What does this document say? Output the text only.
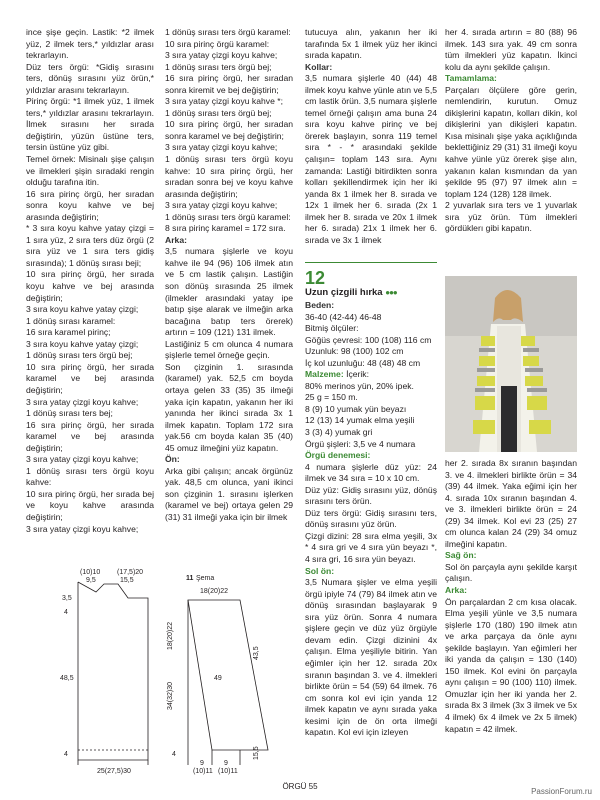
ince şişe geçin. Lastik: *2 ilmek yüz, 2 ilmek ters,* yıldızlar arası tekrarlayın.

Düz ters örgü: *Gidiş sırasını ters, dönüş sırasını yüz örün,* yıldızlar arasını tekrarlayın.

Pirinç örgü: *1 ilmek yüz, 1 ilmek ters,* yıldızlar arasını tekrarlayın. İlmek sırasını her sırada değiştirin, yüzün üstüne ters, tersin üstüne yüz gibi.

Temel örnek: Misinalı şişe çalışın ve ilmekleri şişin sıradaki rengin olduğu tarafına itin.

16 sıra pirinç örgü, her sıradan sonra koyu kahve ve bej arasında değiştirin;

* 3 sıra koyu kahve yatay çizgi = 1 sıra yüz, 2 sıra ters düz örgü (2 sıra yüz ve 1 sıra ters gidiş sırasında); 1 dönüş sırası beji;

10 sıra pirinç örgü, her sırada koyu kahve ve bej arasında değiştirin;

3 sıra koyu kahve yatay çizgi;

1 dönüş sırası karamel:

16 sıra karamel pirinç;

3 sıra koyu kahve yatay çizgi;

1 dönüş sırası ters örgü bej;

10 sıra pirinç örgü, her sırada karamel ve bej arasında değiştirin;

3 sıra yatay çizgi koyu kahve;

1 dönüş sırası ters bej;

16 sıra pirinç örgü, her sırada karamel ve bej arasında değiştirin;

3 sıra yatay çizgi koyu kahve;

1 dönüş sırası ters örgü koyu kahve:

10 sıra pirinç örgü, her sırada bej ve koyu kahve arasında değiştirin;

3 sıra yatay çizgi koyu kahve;

1 dönüş sırası ters örgü karamel:

10 sıra pirinç örgü karamel:

3 sıra yatay çizgi koyu kahve;

1 dönüş sırası ters örgü bej;

16 sıra pirinç örgü, her sıradan sonra kiremit ve bej değiştirin;

3 sıra yatay çizgi koyu kahve *;

1 dönüş sırası ters örgü bej;

10 sıra pirinç örgü, her sıradan sonra karamel ve bej değiştirin;

3 sıra yatay çizgi koyu kahve;

1 dönüş sırası ters örgü koyu kahve: 10 sıra pirinç örgü, her sıradan sonra bej ve koyu kahve arasında değiştirin;

3 sıra yatay çizgi koyu kahve;

1 dönüş sırası ters örgü karamel:

8 sıra pirinç karamel = 172 sıra.

Arka:

3,5 numara şişlerle ve koyu kahve ile 94 (96) 106 ilmek atın ve 5 cm lastik çalışın. Lastiğin son dönüş sırasında 25 ilmek (ilmekler arasındaki yatay ipe batıp şişe alarak ve ilmeğin arka bacağına batıp ters örerek) artırın = 109 (121) 131 ilmek.

Lastiğiniz 5 cm olunca 4 numara şişlerle temel örneğe geçin.

Son çizginin 1. sırasında (karamel) yak. 52,5 cm boyda ortaya gelen 33 (35) 35 ilmeği yaka için kapatın, yakanın her iki yanında her ikinci sırada 3x 1 ilmek kapatın. Toplam 172 sıra yak.56 cm boyda kalan 35 (40) 45 omuz ilmeğini yüz kapatın.

Ön:

Arka gibi çalışın; ancak örgünüz yak. 48,5 cm olunca, yani ikinci son çizginin 1. sırasını işlerken (karamel ve bej) ortaya gelen 29 (31) 31 ilmeği yaka için bir ilmek

tutucuya alın, yakanın her iki tarafında 5x 1 ilmek yüz her ikinci sırada kapatın.

Kollar:

3,5 numara şişlerle 40 (44) 48 ilmek koyu kahve yünle atın ve 5,5 cm lastik örün. 3,5 numara şişlerle temel örneği çalışın ama buna 24 sıra koyu kahve pirinç ve bej örerek başlayın, sonra 119 temel sıra * - * arasındaki şekilde çalışın= toplam 143 sıra. Aynı zamanda: Lastiği bitirdikten sonra kolları şekillendirmek için her iki yanda 8x 1 ilmek her 8. sırada ve 12x 1 ilmek her 6. sırada (2x 1 ilmek her 8. sırada ve 20x 1 ilmek her 6. sırada) 21x 1 ilmek her 6. sırada ve 3x 1 ilmek

12
Uzun çizgili hırka ●●●

Beden:

36-40 (42-44) 46-48

Bitmiş ölçüler:

Göğüs çevresi: 100 (108) 116 cm

Uzunluk: 98 (100) 102 cm

İç kol uzunluğu: 48 (48) 48 cm

Malzeme: İçerik:

80% merinos yün, 20% ipek.

25 g = 150 m.

8 (9) 10 yumak yün beyazı

12 (13) 14 yumak elma yeşili

3 (3) 4) yumak gri

Örgü şişleri: 3,5 ve 4 numara

Örgü denemesi:

4 numara şişlerle düz yüz: 24 ilmek ve 34 sıra = 10 x 10 cm.

Düz yüz: Gidiş sırasını yüz, dönüş sırasını ters örün.

Düz ters örgü: Gidiş sırasını ters, dönüş sırasını yüz örün.

Çizgi dizini: 28 sıra elma yeşili, 3x * 4 sıra gri ve 4 sıra yün beyazı *, 4 sıra gri, 16 sıra yün beyazı.

Sol ön:

3,5 Numara şişler ve elma yeşili örgü ipiyle 74 (79) 84 ilmek atın ve dönüş sırasından başlayarak 9 sıra yüz örün. Sonra 4 numara şişlere geçin ve düz yüz örgüyle devam edin. Çizgi dizinini 4x çalışın. Elma yeşiliyle bitirin. Yan eğimler için her 12. sırada 20x sıranın başından 3. ve 4. ilmekleri birlikte örün = 54 (59) 64 ilmek. 76 cm sonra kol evi için yanda 12 ilmek kapatın ve aynı sırada yaka kesimi için de ön orta ilmeği kapatın. Kol evi için izleyen

her 4. sırada artırın = 80 (88) 96 ilmek. 143 sıra yak. 49 cm sonra tüm ilmekleri yüz kapatın. İkinci kolu da aynı şekilde çalışın.

Tamamlama:

Parçaları ölçülere göre gerin, nemlendirin, kurutun. Omuz dikişlerini kapatın, kolları dikin, kol dikişlerini yan dikişleri kapatın. Kısa misinalı şişe yaka açıklığında beklettiğiniz 29 (31) 31 ilmeği koyu kahve yünle yüz örerek şişe alın, yakanın kalan kısmından da yan şekilde 95 (97) 97 ilmek alın = toplam 124 (128) 128 ilmek.

2 yuvarlak sıra ters ve 1 yuvarlak sıra yüz örün. Tüm ilmekleri gördüklerı gibi kapatın.

her 2. sırada 8x sıranın başından 3. ve 4. ilmekleri birlikte örün = 34 (39) 44 ilmek. Yaka eğimi için her 4. sırada 10x sıranın başından 4. ve 3. ilmekleri birlikte örün = 24 (29) 34 ilmek. Kol evi 23 (25) 27 cm olunca kalan 24 (29) 34 omuz ilmeğini kapatın.

Sağ ön:

Sol ön parçayla aynı şekilde karşıt çalışın.

Arka:

Ön parçalardan 2 cm kısa olacak. Elma yeşili yünle ve 3,5 numara şişlerle 170 (180) 190 ilmek atın ve arka parçaya da önle aynı şekilde başlayın. Yan eğimleri her iki yanda da çalışın = 130 (140) 150 ilmek. Kol evini ön parçayla aynı çalışın = 90 (100) 110) ilmek. Omuzlar için her iki yanda her 2. sırada 8x 3 ilmek (3x 3 ilmek ve 5x 4 ilmek) 6x 4 ilmek ve 2x 5 ilmek) kapatın = 42 ilmek.

(10)10 (17,5)20
9,5	15,5
3,5
4
48,5
4
25(27,5)30
11 Şema
18(20)22
18(20)22
34(32)30
4
49
43,5
15,5
9	9
(10)11 (10)11
ÖRGÜ 55
PassionForum.ru
